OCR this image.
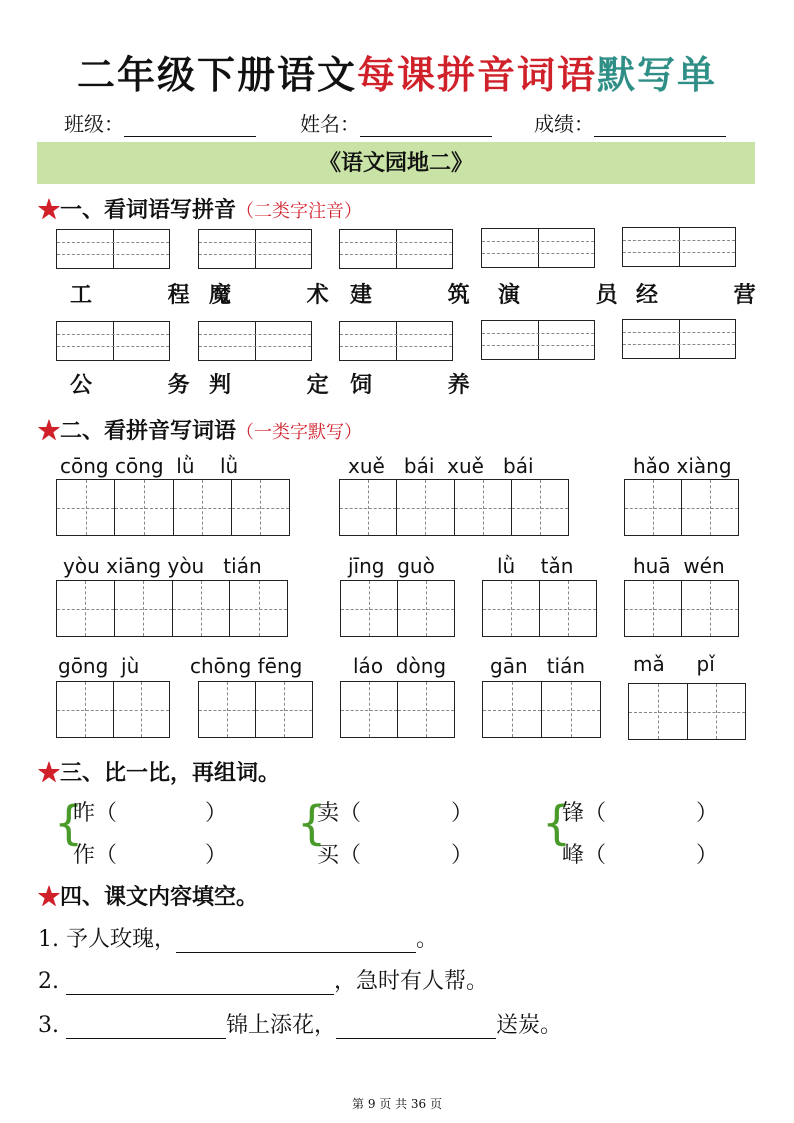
二年级下册语文每课拼音词语默写单
班级：	姓名：	成绩：
《语文园地二》
★一、看词语写拼音（二类字注音）
工 程
魔 术
建 筑
演 员
经 营
公 务
判 定
饲 养
★二、看拼音写词语（一类字默写）
cōng cōng  lǜ    lǜ	xuě   bái  xuě   bái	hǎo xiàng
yòu xiāng yòu   tián	jīng  guò	lǜ    tǎn	huā  wén
gōng  jù	chōng fēng	láo  dòng gān   tián mǎ     pǐ
★三、比一比，再组词。
{
昨（	）
作（	）
{
卖（	）
买（	）
{
锋（	）
峰（	）
★四、课文内容填空。
1. 予人玫瑰，	。
2.	，急时有人帮。
3.	锦上添花，	送炭。
第 9 页 共 36 页
